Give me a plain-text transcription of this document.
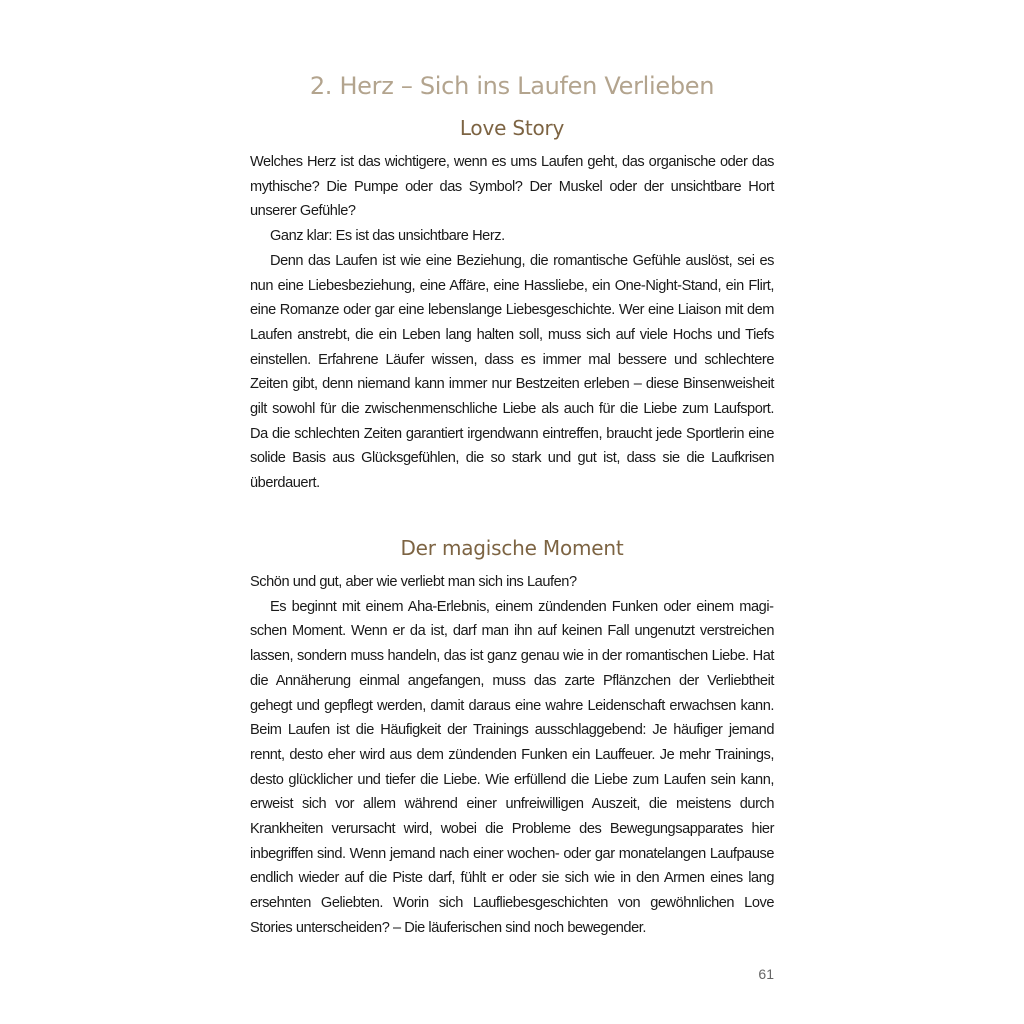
2. Herz – Sich ins Laufen Verlieben
Love Story

Welches Herz ist das wichtigere, wenn es ums Laufen geht, das organische oder das mythische? Die Pumpe oder das Symbol? Der Muskel oder der unsichtbare Hort unserer Gefühle?

Ganz klar: Es ist das unsichtbare Herz.

Denn das Laufen ist wie eine Beziehung, die romantische Gefühle auslöst, sei es nun eine Liebesbeziehung, eine Affäre, eine Hassliebe, ein One-Night-Stand, ein Flirt, eine Romanze oder gar eine lebenslange Liebesgeschichte. Wer eine Liaison mit dem Laufen anstrebt, die ein Leben lang halten soll, muss sich auf viele Hochs und Tiefs einstellen. Erfahrene Läufer wissen, dass es immer mal bessere und schlechtere Zeiten gibt, denn niemand kann immer nur Bestzeiten erleben – diese Binsenweisheit gilt sowohl für die zwischenmenschliche Liebe als auch für die Liebe zum Laufsport. Da die schlechten Zeiten garantiert irgendwann eintreffen, braucht jede Sportlerin eine solide Basis aus Glücksgefühlen, die so stark und gut ist, dass sie die Laufkrisen überdauert.

Der magische Moment

Schön und gut, aber wie verliebt man sich ins Laufen?

Es beginnt mit einem Aha-Erlebnis, einem zündenden Funken oder einem magischen Moment. Wenn er da ist, darf man ihn auf keinen Fall ungenutzt verstreichen lassen, sondern muss handeln, das ist ganz genau wie in der romantischen Liebe. Hat die Annäherung einmal angefangen, muss das zarte Pflänzchen der Verliebtheit gehegt und gepflegt werden, damit daraus eine wahre Leidenschaft erwachsen kann. Beim Laufen ist die Häufigkeit der Trainings ausschlaggebend: Je häufiger jemand rennt, desto eher wird aus dem zündenden Funken ein Lauffeuer. Je mehr Trainings, desto glücklicher und tiefer die Liebe. Wie erfüllend die Liebe zum Laufen sein kann, erweist sich vor allem während einer unfreiwilligen Auszeit, die meistens durch Krankheiten verursacht wird, wobei die Probleme des Bewegungsapparates hier inbegriffen sind. Wenn jemand nach einer wochen- oder gar monatelangen Laufpause endlich wieder auf die Piste darf, fühlt er oder sie sich wie in den Armen eines lang ersehnten Geliebten. Worin sich Laufliebesgeschichten von gewöhnlichen Love Stories unterscheiden? – Die läuferischen sind noch bewegender.

61
